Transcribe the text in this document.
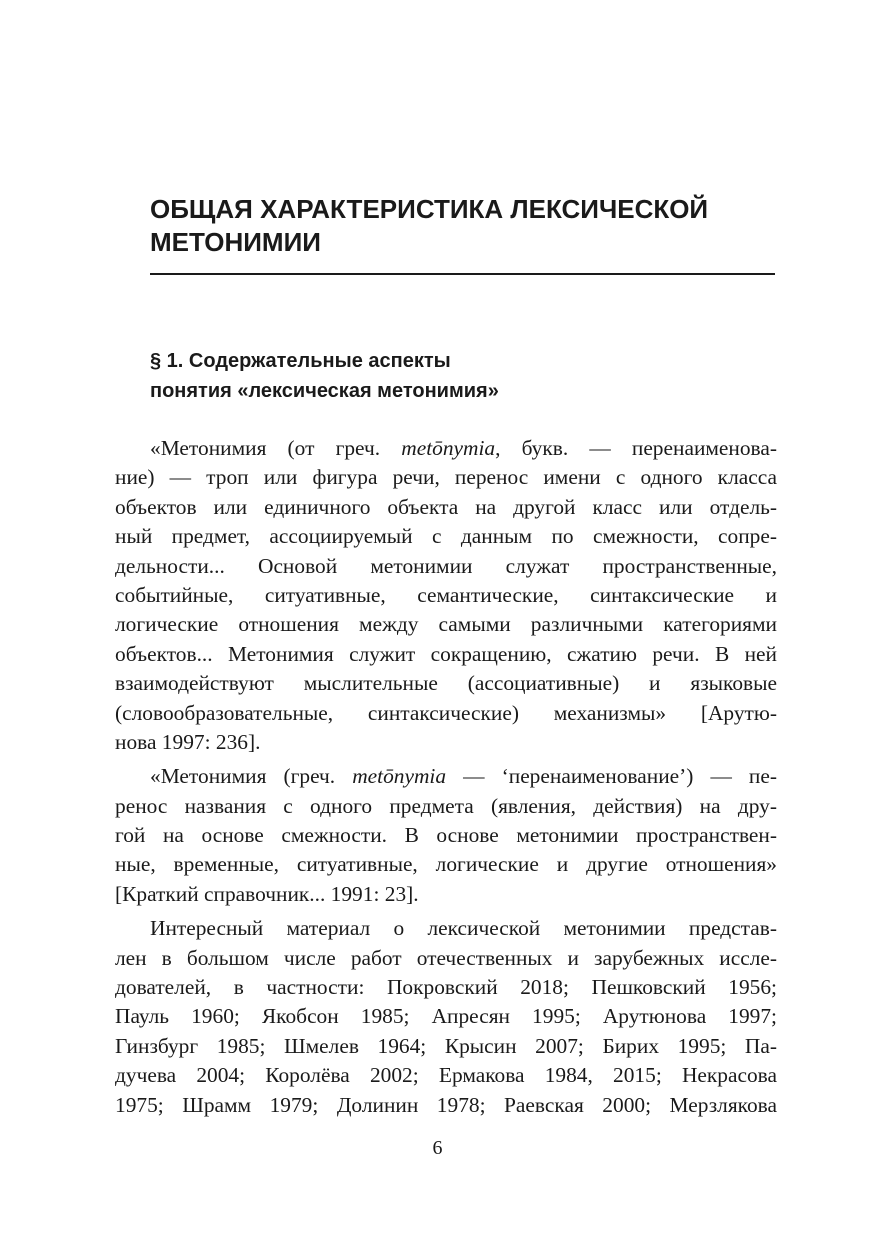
ОБЩАЯ ХАРАКТЕРИСТИКА ЛЕКСИЧЕСКОЙ
МЕТОНИМИИ
§ 1. Содержательные аспекты
понятия «лексическая метонимия»

«Метонимия (от греч. metōnymia, букв. — перенаименова-
ние) — троп или фигура речи, перенос имени с одного класса
объектов или единичного объекта на другой класс или отдель-
ный предмет, ассоциируемый с данным по смежности, сопре-
дельности... Основой метонимии служат пространственные,
событийные, ситуативные, семантические, синтаксические и
логические отношения между самыми различными категориями
объектов... Метонимия служит сокращению, сжатию речи. В ней
взаимодействуют мыслительные (ассоциативные) и языковые
(словообразовательные, синтаксические) механизмы» [Арутю-
нова 1997: 236].

«Метонимия (греч. metōnymia — ‘перенаименование’) — пе-
ренос названия с одного предмета (явления, действия) на дру-
гой на основе смежности. В основе метонимии пространствен-
ные, временные, ситуативные, логические и другие отношения»
[Краткий справочник... 1991: 23].

Интересный материал о лексической метонимии представ-
лен в большом числе работ отечественных и зарубежных иссле-
дователей, в частности: Покровский 2018; Пешковский 1956;
Пауль 1960; Якобсон 1985; Апресян 1995; Арутюнова 1997;
Гинзбург 1985; Шмелев 1964; Крысин 2007; Бирих 1995; Па-
дучева 2004; Королёва 2002; Ермакова 1984, 2015; Некрасова
1975; Шрамм 1979; Долинин 1978; Раевская 2000; Мерзлякова

6
